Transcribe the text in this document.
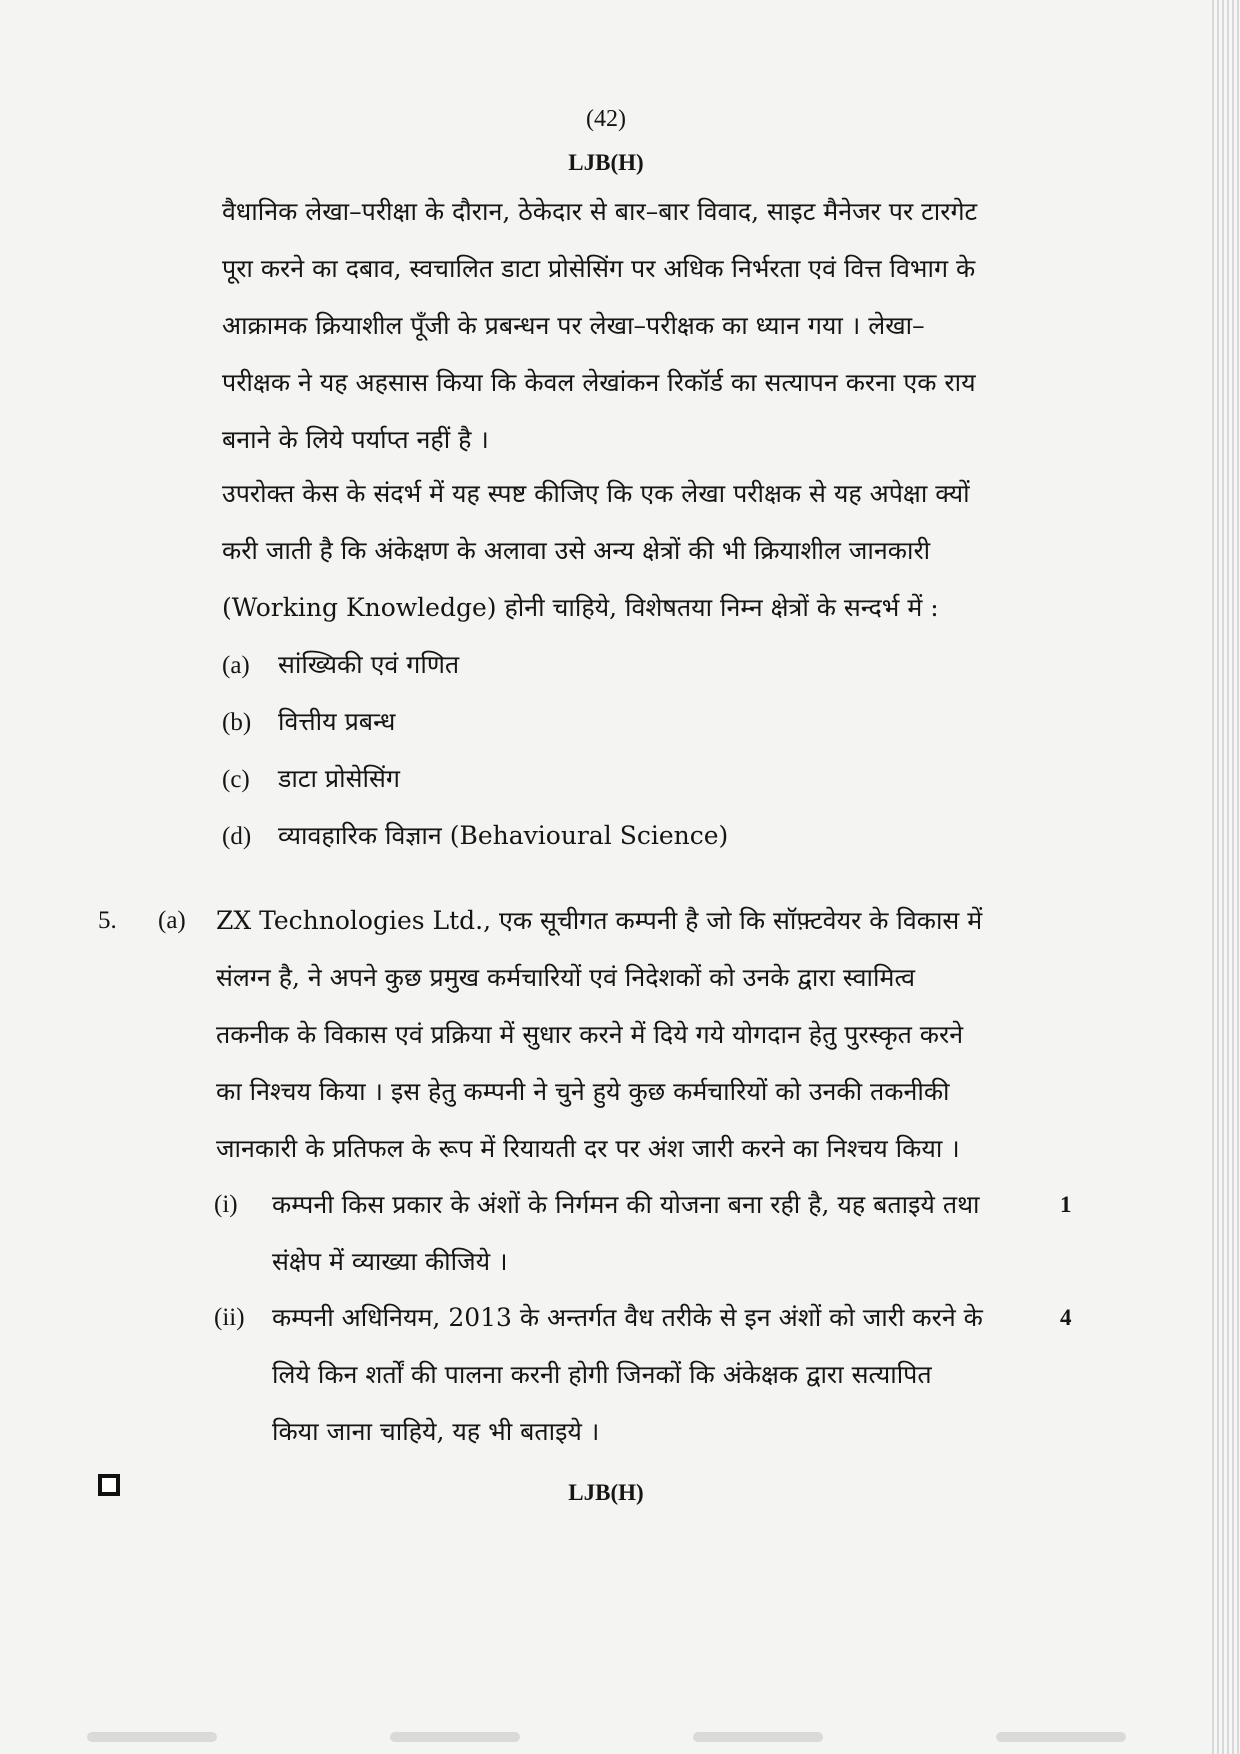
(42)
LJB(H)
वैधानिक लेखा–परीक्षा के दौरान, ठेकेदार से बार–बार विवाद, साइट मैनेजर पर टारगेट
पूरा करने का दबाव, स्वचालित डाटा प्रोसेसिंग पर अधिक निर्भरता एवं वित्त विभाग के
आक्रामक क्रियाशील पूँजी के प्रबन्धन पर लेखा–परीक्षक का ध्यान गया । लेखा–
परीक्षक ने यह अहसास किया कि केवल लेखांकन रिकॉर्ड का सत्यापन करना एक राय
बनाने के लिये पर्याप्त नहीं है ।
उपरोक्त केस के संदर्भ में यह स्पष्ट कीजिए कि एक लेखा परीक्षक से यह अपेक्षा क्यों
करी जाती है कि अंकेक्षण के अलावा उसे अन्य क्षेत्रों की भी क्रियाशील जानकारी
(Working Knowledge) होनी चाहिये, विशेषतया निम्न क्षेत्रों के सन्दर्भ में :
(a) सांख्यिकी एवं गणित
(b) वित्तीय प्रबन्ध
(c) डाटा प्रोसेसिंग
(d) व्यावहारिक विज्ञान (Behavioural Science)
5. (a) ZX Technologies Ltd., एक सूचीगत कम्पनी है जो कि सॉफ़्टवेयर के विकास में
संलग्न है, ने अपने कुछ प्रमुख कर्मचारियों एवं निदेशकों को उनके द्वारा स्वामित्व
तकनीक के विकास एवं प्रक्रिया में सुधार करने में दिये गये योगदान हेतु पुरस्कृत करने
का निश्चय किया । इस हेतु कम्पनी ने चुने हुये कुछ कर्मचारियों को उनकी तकनीकी
जानकारी के प्रतिफल के रूप में रियायती दर पर अंश जारी करने का निश्चय किया ।
(i) कम्पनी किस प्रकार के अंशों के निर्गमन की योजना बना रही है, यह बताइये तथा
संक्षेप में व्याख्या कीजिये ।
1
(ii) कम्पनी अधिनियम, 2013 के अन्तर्गत वैध तरीके से इन अंशों को जारी करने के
लिये किन शर्तों की पालना करनी होगी जिनकों कि अंकेक्षक द्वारा सत्यापित
किया जाना चाहिये, यह भी बताइये ।
4
LJB(H)
